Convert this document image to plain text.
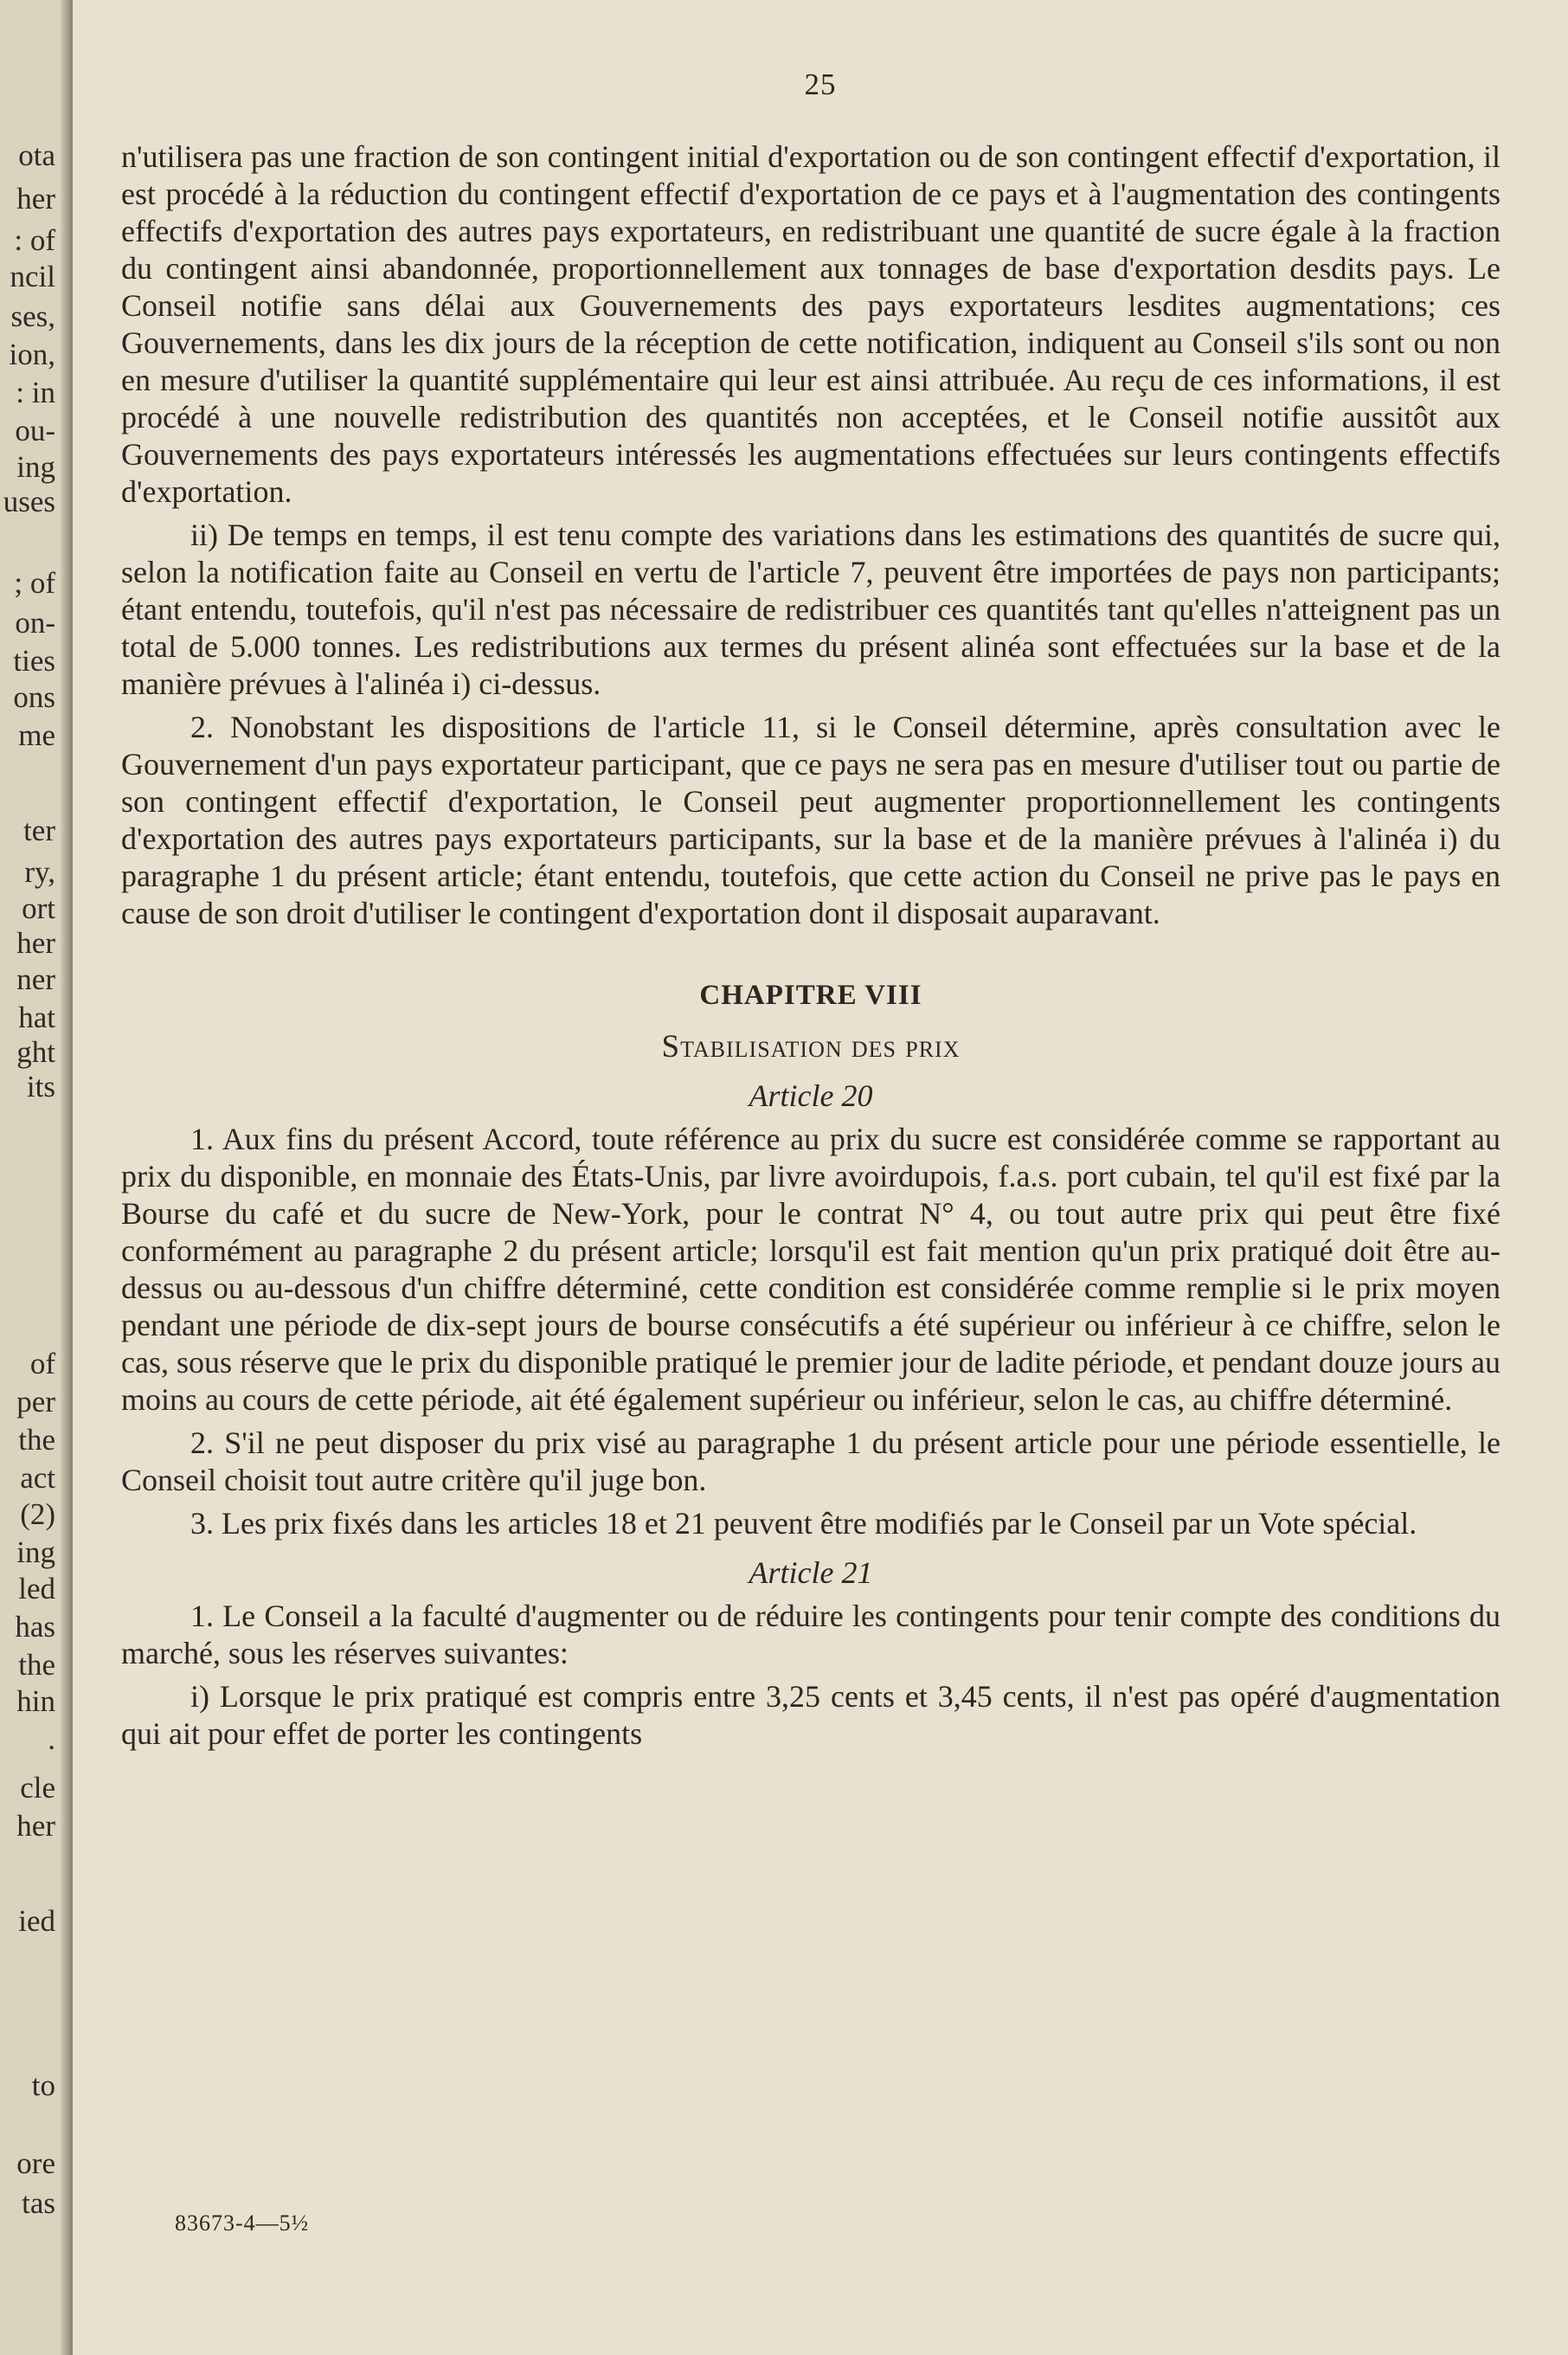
ota
her
: of
ncil
ses,
ion,
: in
ou-
ing
uses
; of
on-
ties
ons
me
ter
ry,
ort
her
ner
hat
ght
its
of
per
the
act
(2)
ing
led
has
the
hin
.
cle
her
ied
to
ore
tas
25

n'utilisera pas une fraction de son contingent initial d'exportation ou de son contingent effectif d'exportation, il est procédé à la réduction du contingent effectif d'exportation de ce pays et à l'augmentation des contingents effectifs d'exportation des autres pays exportateurs, en redistribuant une quantité de sucre égale à la fraction du contingent ainsi abandonnée, proportionnellement aux tonnages de base d'exportation desdits pays. Le Conseil notifie sans délai aux Gouvernements des pays exportateurs lesdites augmentations; ces Gouvernements, dans les dix jours de la réception de cette notification, indiquent au Conseil s'ils sont ou non en mesure d'utiliser la quantité supplémentaire qui leur est ainsi attribuée. Au reçu de ces informations, il est procédé à une nouvelle redistribution des quantités non acceptées, et le Conseil notifie aussitôt aux Gouvernements des pays exportateurs intéressés les augmentations effectuées sur leurs contingents effectifs d'exportation.

ii) De temps en temps, il est tenu compte des variations dans les estimations des quantités de sucre qui, selon la notification faite au Conseil en vertu de l'article 7, peuvent être importées de pays non participants; étant entendu, toutefois, qu'il n'est pas nécessaire de redistribuer ces quantités tant qu'elles n'atteignent pas un total de 5.000 tonnes. Les redistributions aux termes du présent alinéa sont effectuées sur la base et de la manière prévues à l'alinéa i) ci-dessus.

2. Nonobstant les dispositions de l'article 11, si le Conseil détermine, après consultation avec le Gouvernement d'un pays exportateur participant, que ce pays ne sera pas en mesure d'utiliser tout ou partie de son contingent effectif d'exportation, le Conseil peut augmenter proportionnellement les contingents d'exportation des autres pays exportateurs participants, sur la base et de la manière prévues à l'alinéa i) du paragraphe 1 du présent article; étant entendu, toutefois, que cette action du Conseil ne prive pas le pays en cause de son droit d'utiliser le contingent d'exportation dont il disposait auparavant.

CHAPITRE VIII
Stabilisation des prix
Article 20

1. Aux fins du présent Accord, toute référence au prix du sucre est considérée comme se rapportant au prix du disponible, en monnaie des États-Unis, par livre avoirdupois, f.a.s. port cubain, tel qu'il est fixé par la Bourse du café et du sucre de New-York, pour le contrat N° 4, ou tout autre prix qui peut être fixé conformément au paragraphe 2 du présent article; lorsqu'il est fait mention qu'un prix pratiqué doit être au-dessus ou au-dessous d'un chiffre déterminé, cette condition est considérée comme remplie si le prix moyen pendant une période de dix-sept jours de bourse consécutifs a été supérieur ou inférieur à ce chiffre, selon le cas, sous réserve que le prix du disponible pratiqué le premier jour de ladite période, et pendant douze jours au moins au cours de cette période, ait été également supérieur ou inférieur, selon le cas, au chiffre déterminé.

2. S'il ne peut disposer du prix visé au paragraphe 1 du présent article pour une période essentielle, le Conseil choisit tout autre critère qu'il juge bon.

3. Les prix fixés dans les articles 18 et 21 peuvent être modifiés par le Conseil par un Vote spécial.

Article 21

1. Le Conseil a la faculté d'augmenter ou de réduire les contingents pour tenir compte des conditions du marché, sous les réserves suivantes:

i) Lorsque le prix pratiqué est compris entre 3,25 cents et 3,45 cents, il n'est pas opéré d'augmentation qui ait pour effet de porter les contingents

83673-4—5½
